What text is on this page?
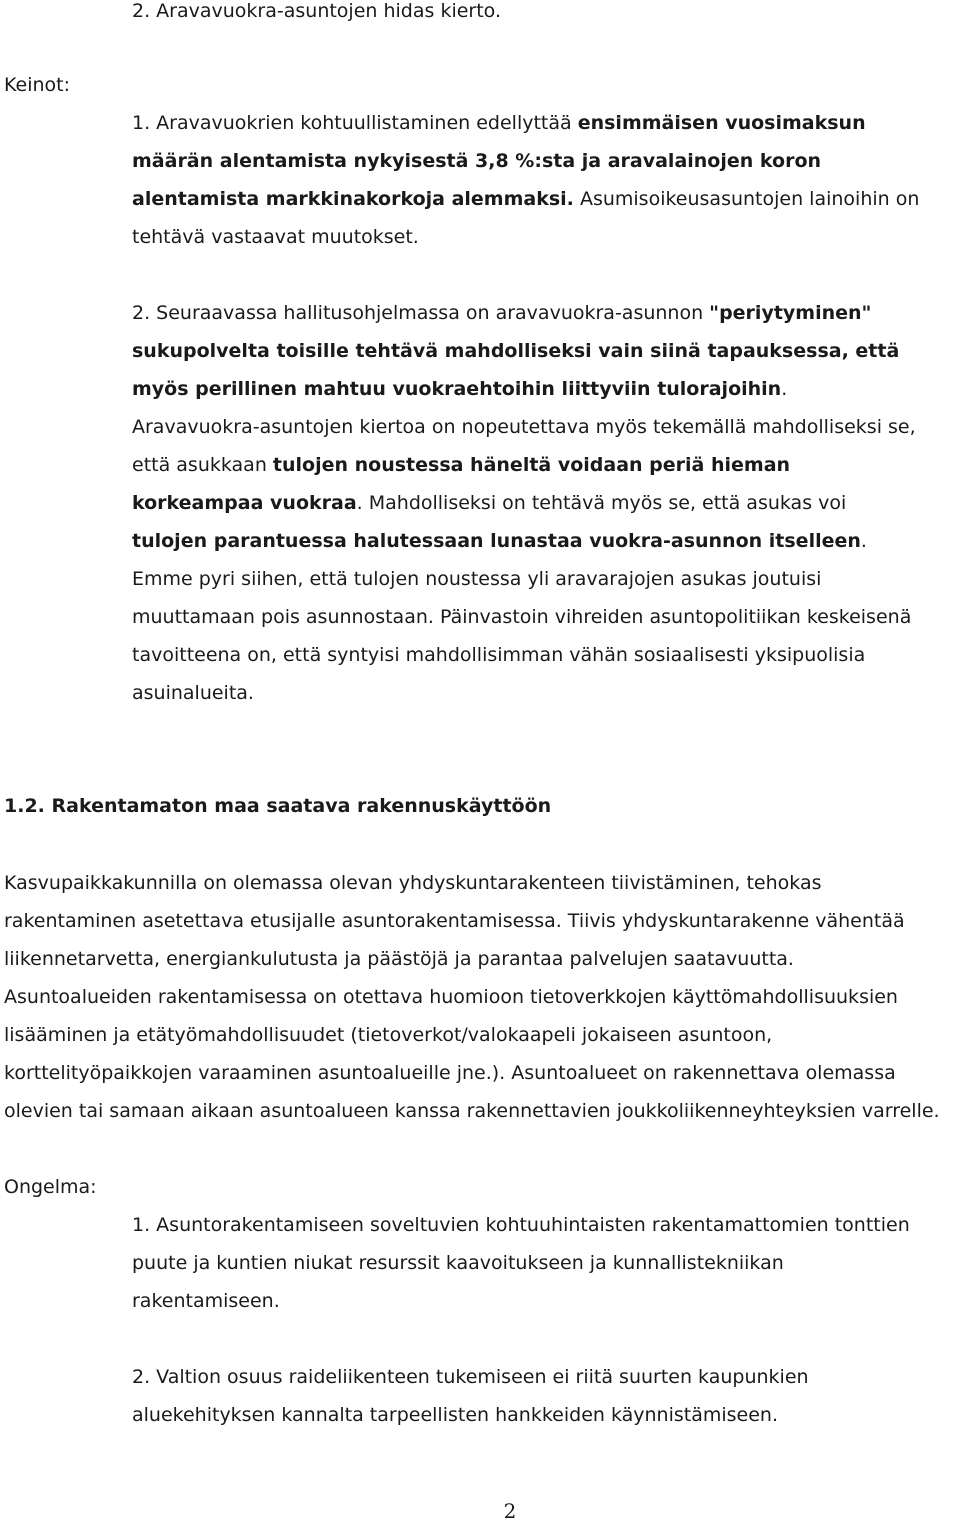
2. Aravavuokra-asuntojen hidas kierto.
Keinot:
1. Aravavuokrien kohtuullistaminen edellyttää ensimmäisen vuosimaksun
määrän alentamista nykyisestä 3,8 %:sta ja aravalainojen koron
alentamista markkinakorkoja alemmaksi. Asumisoikeusasuntojen lainoihin on
tehtävä vastaavat muutokset.
2. Seuraavassa hallitusohjelmassa on aravavuokra-asunnon "periytyminen"
sukupolvelta toisille tehtävä mahdolliseksi vain siinä tapauksessa, että
myös perillinen mahtuu vuokraehtoihin liittyviin tulorajoihin.
Aravavuokra-asuntojen kiertoa on nopeutettava myös tekemällä mahdolliseksi se,
että asukkaan tulojen noustessa häneltä voidaan periä hieman
korkeampaa vuokraa. Mahdolliseksi on tehtävä myös se, että asukas voi
tulojen parantuessa halutessaan lunastaa vuokra-asunnon itselleen.
Emme pyri siihen, että tulojen noustessa yli aravarajojen asukas joutuisi
muuttamaan pois asunnostaan. Päinvastoin vihreiden asuntopolitiikan keskeisenä
tavoitteena on, että syntyisi mahdollisimman vähän sosiaalisesti yksipuolisia
asuinalueita.
1.2. Rakentamaton maa saatava rakennuskäyttöön
Kasvupaikkakunnilla on olemassa olevan yhdyskuntarakenteen tiivistäminen, tehokas
rakentaminen asetettava etusijalle asuntorakentamisessa. Tiivis yhdyskuntarakenne vähentää
liikennetarvetta, energiankulutusta ja päästöjä ja parantaa palvelujen saatavuutta.
Asuntoalueiden rakentamisessa on otettava huomioon tietoverkkojen käyttömahdollisuuksien
lisääminen ja etätyömahdollisuudet (tietoverkot/valokaapeli jokaiseen asuntoon,
korttelityöpaikkojen varaaminen asuntoalueille jne.). Asuntoalueet on rakennettava olemassa
olevien tai samaan aikaan asuntoalueen kanssa rakennettavien joukkoliikenneyhteyksien varrelle.
Ongelma:
1. Asuntorakentamiseen soveltuvien kohtuuhintaisten rakentamattomien tonttien
puute ja kuntien niukat resurssit kaavoitukseen ja kunnallistekniikan
rakentamiseen.
2. Valtion osuus raideliikenteen tukemiseen ei riitä suurten kaupunkien
aluekehityksen kannalta tarpeellisten hankkeiden käynnistämiseen.
2
